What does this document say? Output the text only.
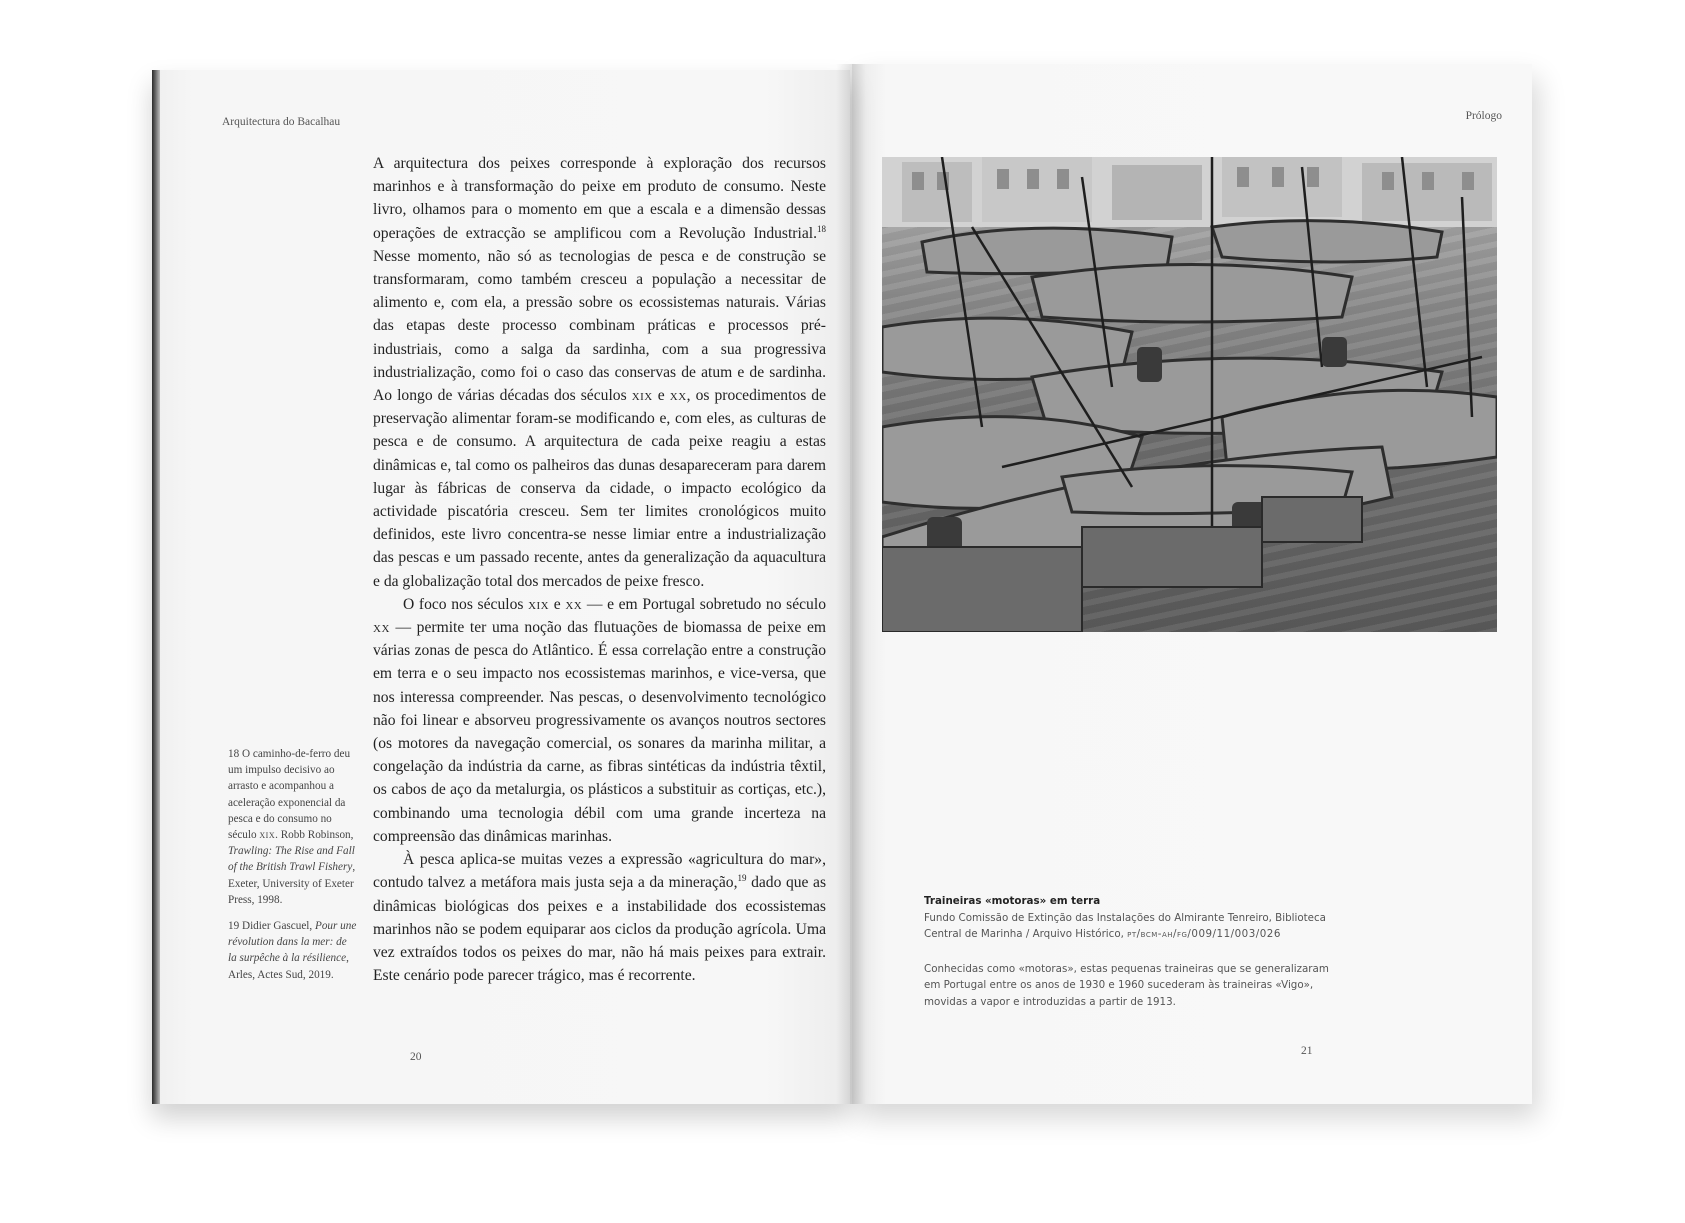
Arquitectura do Bacalhau	Prólogo

A arquitectura dos peixes corresponde à exploração dos recursos marinhos e à transformação do peixe em produto de consumo. Neste livro, olhamos para o momento em que a escala e a dimensão dessas operações de extracção se amplificou com a Revolução Industrial.$^{18}$ Nesse momento, não só as tecnologias de pesca e de construção se transformaram, como também cresceu a população a necessitar de alimento e, com ela, a pressão sobre os ecossistemas naturais. Várias das etapas deste processo combinam práticas e processos pré-industriais, como a salga da sardinha, com a sua progressiva industrialização, como foi o caso das conservas de atum e de sardinha. Ao longo de várias décadas dos séculos xix e xx, os procedimentos de preservação alimentar foram-se modificando e, com eles, as culturas de pesca e de consumo. A arquitectura de cada peixe reagiu a estas dinâmicas e, tal como os palheiros das dunas desapareceram para darem lugar às fábricas de conserva da cidade, o impacto ecológico da actividade piscatória cresceu. Sem ter limites cronológicos muito definidos, este livro concentra-se nesse limiar entre a industrialização das pescas e um passado recente, antes da generalização da aquacultura e da globalização total dos mercados de peixe fresco.

O foco nos séculos xix e xx — e em Portugal sobretudo no século xx — permite ter uma noção das flutuações de biomassa de peixe em várias zonas de pesca do Atlântico. É essa correlação entre a construção em terra e o seu impacto nos ecossistemas marinhos, e vice-versa, que nos interessa compreender. Nas pescas, o desenvolvimento tecnológico não foi linear e absorveu progressivamente os avanços noutros sectores (os motores da navegação comercial, os sonares da marinha militar, a congelação da indústria da carne, as fibras sintéticas da indústria têxtil, os cabos de aço da metalurgia, os plásticos a substituir as cortiças, etc.), combinando uma tecnologia débil com uma grande incerteza na compreensão das dinâmicas marinhas.

À pesca aplica-se muitas vezes a expressão «agricultura do mar», contudo talvez a metáfora mais justa seja a da mineração,$^{19}$ dado que as dinâmicas biológicas dos peixes e a instabilidade dos ecossistemas marinhos não se podem equiparar aos ciclos da produção agrícola. Uma vez extraídos todos os peixes do mar, não há mais peixes para extrair. Este cenário pode parecer trágico, mas é recorrente.

18 O caminho-de-ferro deu um impulso decisivo ao arrasto e acompanhou a aceleração exponencial da pesca e do consumo no século xix. Robb Robinson, Trawling: The Rise and Fall of the British Trawl Fishery, Exeter, University of Exeter Press, 1998.

19 Didier Gascuel, Pour une révolution dans la mer: de la surpêche à la résilience, Arles, Actes Sud, 2019.

20	21
Traineiras «motoras» em terra
Fundo Comissão de Extinção das Instalações do Almirante Tenreiro, Biblioteca Central de Marinha / Arquivo Histórico, pt/bcm-ah/fg/009/11/003/026
Conhecidas como «motoras», estas pequenas traineiras que se generalizaram em Portugal entre os anos de 1930 e 1960 sucederam às traineiras «Vigo», movidas a vapor e introduzidas a partir de 1913.
